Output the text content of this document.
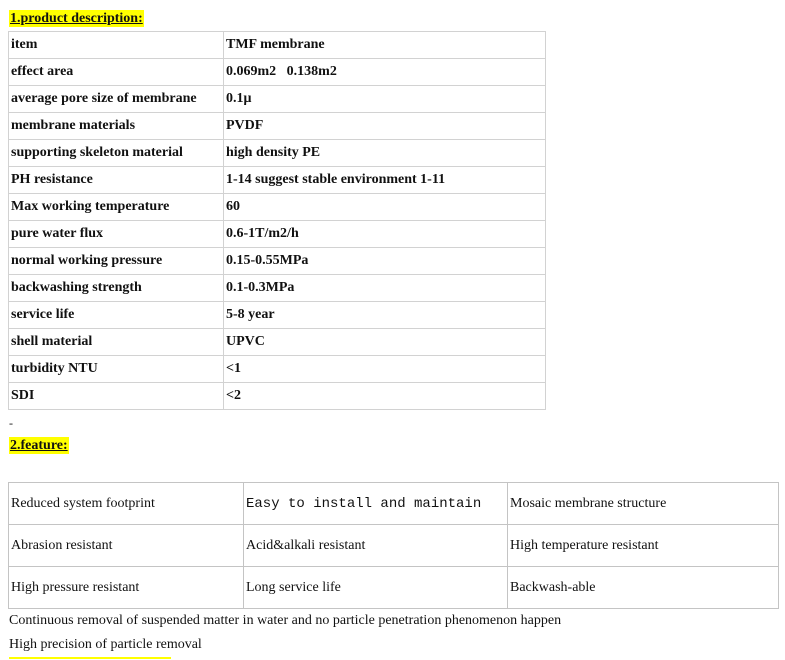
1.product description:
item	TMF membrane
effect area	0.069m2   0.138m2
average pore size of membrane	0.1μ
membrane materials	PVDF
supporting skeleton material	high density PE
PH resistance	1-14 suggest stable environment 1-11
Max working temperature	60
pure water flux	0.6-1T/m2/h
normal working pressure	0.15-0.55MPa
backwashing strength	0.1-0.3MPa
service life	5-8 year
shell material	UPVC
turbidity NTU	<1
SDI	<2
-
2.feature:
Reduced system footprint	Easy to install and maintain	Mosaic membrane structure
Abrasion resistant	Acid&alkali resistant	High temperature resistant
High pressure resistant	Long service life	Backwash-able
Continuous removal of suspended matter in water and no particle penetration phenomenon happen
High precision of particle removal
